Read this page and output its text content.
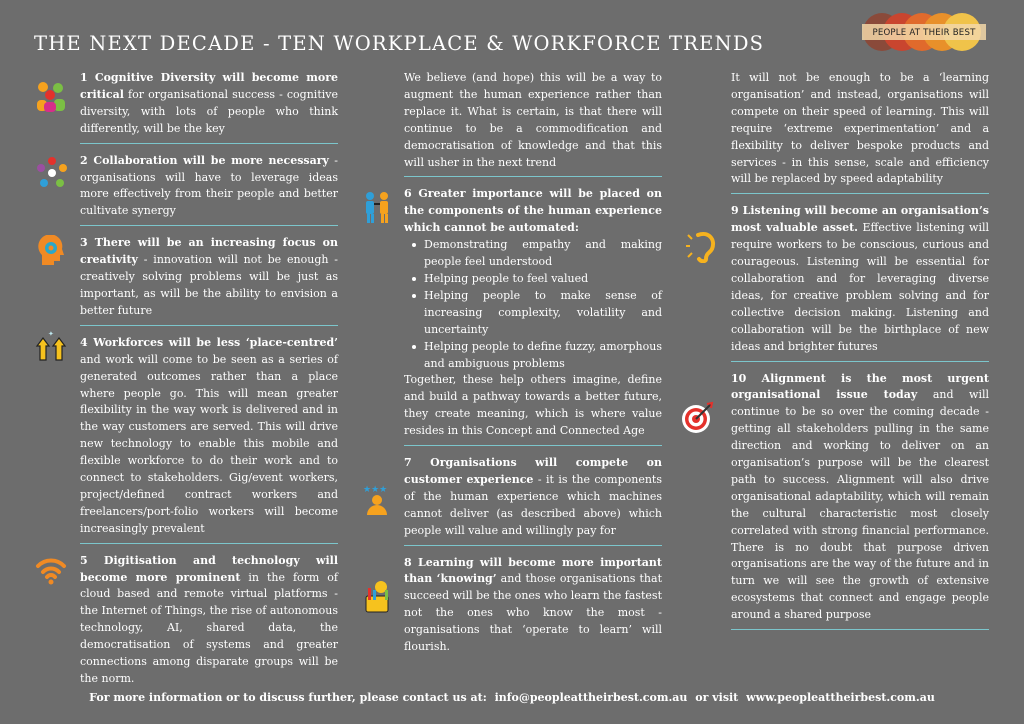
THE NEXT DECADE - TEN WORKPLACE & WORKFORCE TRENDS	PEOPLE AT THEIR BEST
✦
★★★
1 Cognitive Diversity will become more critical for organisational success - cognitive diversity, with lots of people who think differently, will be the key
2 Collaboration will be more necessary - organisations will have to leverage ideas more effectively from their people and better cultivate synergy
3 There will be an increasing focus on creativity - innovation will not be enough - creatively solving problems will be just as important, as will be the ability to envision a better future
4 Workforces will be less ‘place-centred’ and work will come to be seen as a series of generated outcomes rather than a place where people go. This will mean greater flexibility in the way work is delivered and in the way customers are served. This will drive new technology to enable this mobile and flexible workforce to do their work and to connect to stakeholders. Gig/event workers, project/defined contract workers and freelancers/port-folio workers will become increasingly prevalent
5 Digitisation and technology will become more prominent in the form of cloud based and remote virtual platforms - the Internet of Things, the rise of autonomous technology, AI, shared data, the democratisation of systems and greater connections among disparate groups will be the norm.
We believe (and hope) this will be a way to augment the human experience rather than replace it. What is certain, is that there will continue to be a commodification and democratisation of knowledge and that this will usher in the next trend
6 Greater importance will be placed on the components of the human experience which cannot be automated:
Demonstrating empathy and making people feel understood
Helping people to feel valued
Helping people to make sense of increasing complexity, volatility and uncertainty
Helping people to define fuzzy, amorphous and ambiguous problems
Together, these help others imagine, define and build a pathway towards a better future, they create meaning, which is where value resides in this Concept and Connected Age
7 Organisations will compete on customer experience - it is the components of the human experience which machines cannot deliver (as described above) which people will value and willingly pay for
8 Learning will become more important than ‘knowing’ and those organisations that succeed will be the ones who learn the fastest not the ones who know the most - organisations that ‘operate to learn’ will flourish.
It will not be enough to be a ‘learning organisation’ and instead, organisations will compete on their speed of learning. This will require ‘extreme experimentation’ and a flexibility to deliver bespoke products and services - in this sense, scale and efficiency will be replaced by speed adaptability
9 Listening will become an organisation’s most valuable asset. Effective listening will require workers to be conscious, curious and courageous. Listening will be essential for collaboration and for leveraging diverse ideas, for creative problem solving and for collective decision making. Listening and collaboration will be the birthplace of new ideas and brighter futures
10 Alignment is the most urgent organisational issue today and will continue to be so over the coming decade - getting all stakeholders pulling in the same direction and working to deliver on an organisation’s purpose will be the clearest path to success. Alignment will also drive organisational adaptability, which will remain the cultural characteristic most closely correlated with strong financial performance. There is no doubt that purpose driven organisations are the way of the future and in turn we will see the growth of extensive ecosystems that connect and engage people around a shared purpose
For more information or to discuss further, please contact us at: info@peopleattheirbest.com.au or visit www.peopleattheirbest.com.au
